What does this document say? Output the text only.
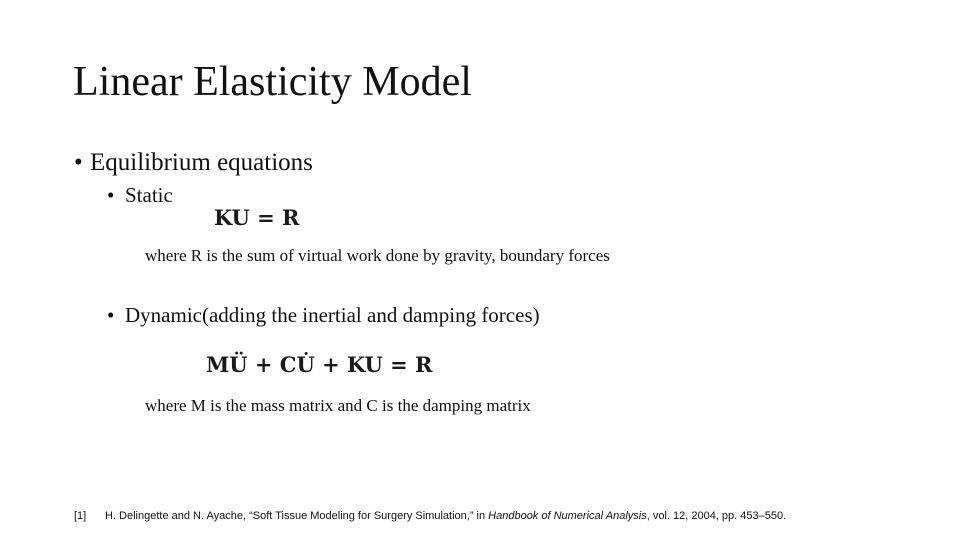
Linear Elasticity Model
• Equilibrium equations
• Static
KU = R
where R is the sum of virtual work done by gravity, boundary forces
• Dynamic(adding the inertial and damping forces)
MÜ + CU̇ + KU = R
where M is the mass matrix and C is the damping matrix
[1] H. Delingette and N. Ayache, “Soft Tissue Modeling for Surgery Simulation,” in Handbook of Numerical Analysis, vol. 12, 2004, pp. 453–550.
